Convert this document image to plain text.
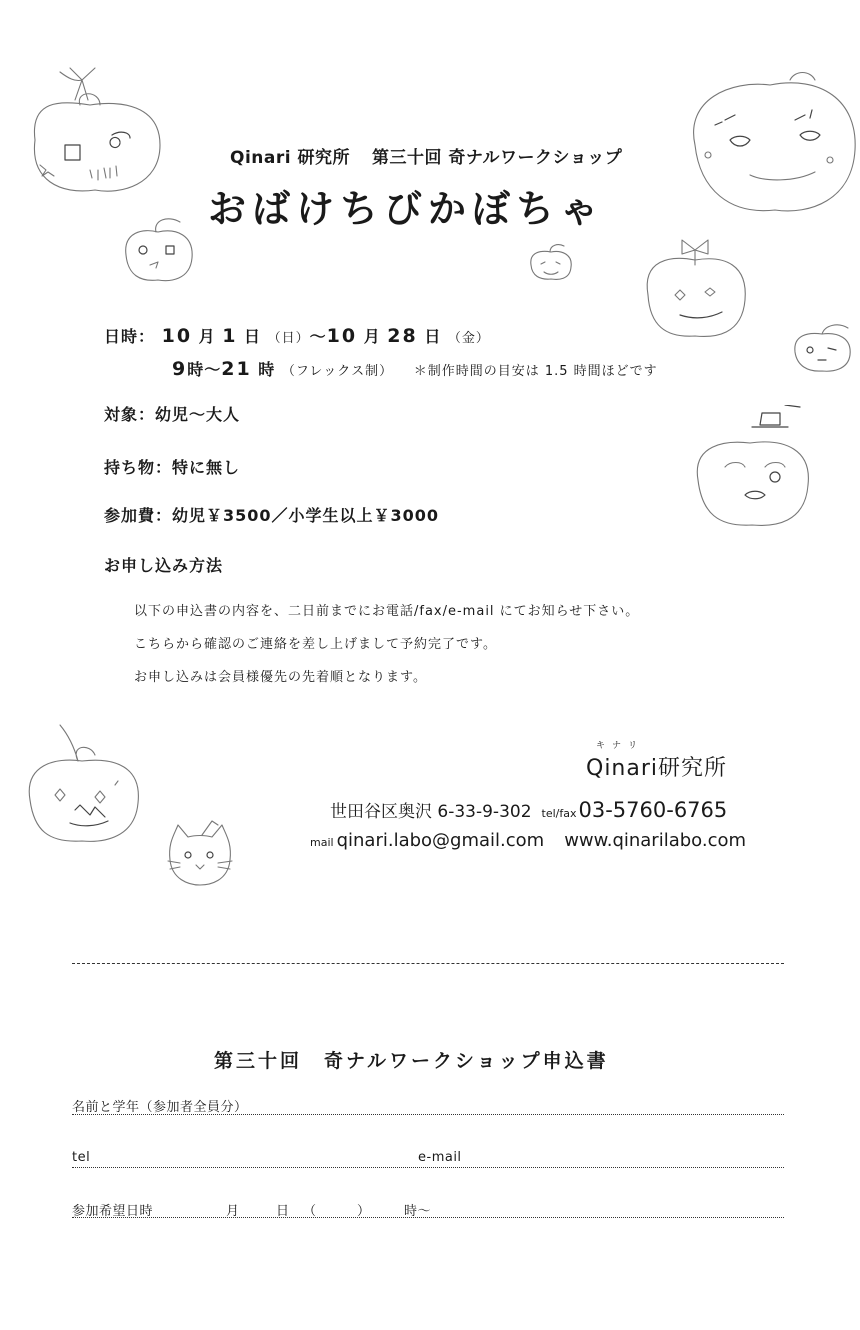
Qinari 研究所 第三十回 奇ナルワークショップ
おばけちびかぼちゃ
日時： 10 月 1 日 （日）～10 月 28 日 （金）
9時～21 時 （フレックス制） ＊制作時間の目安は 1.5 時間ほどです
対象：幼児～大人
持ち物：特に無し
参加費：幼児￥3500／小学生以上￥3000
お申し込み方法
以下の申込書の内容を、二日前までにお電話/fax/e-mail にてお知らせ下さい。
こちらから確認のご連絡を差し上げまして予約完了です。
お申し込みは会員様優先の先着順となります。
キナリ
Qinari研究所
世田谷区奥沢 6-33-9-302 tel/fax03-5760-6765
mail qinari.labo@gmail.com www.qinarilabo.com
第三十回　奇ナルワークショップ申込書
名前と学年（参加者全員分）
tel	e-mail
参加希望日時	月	日（　） 時～
